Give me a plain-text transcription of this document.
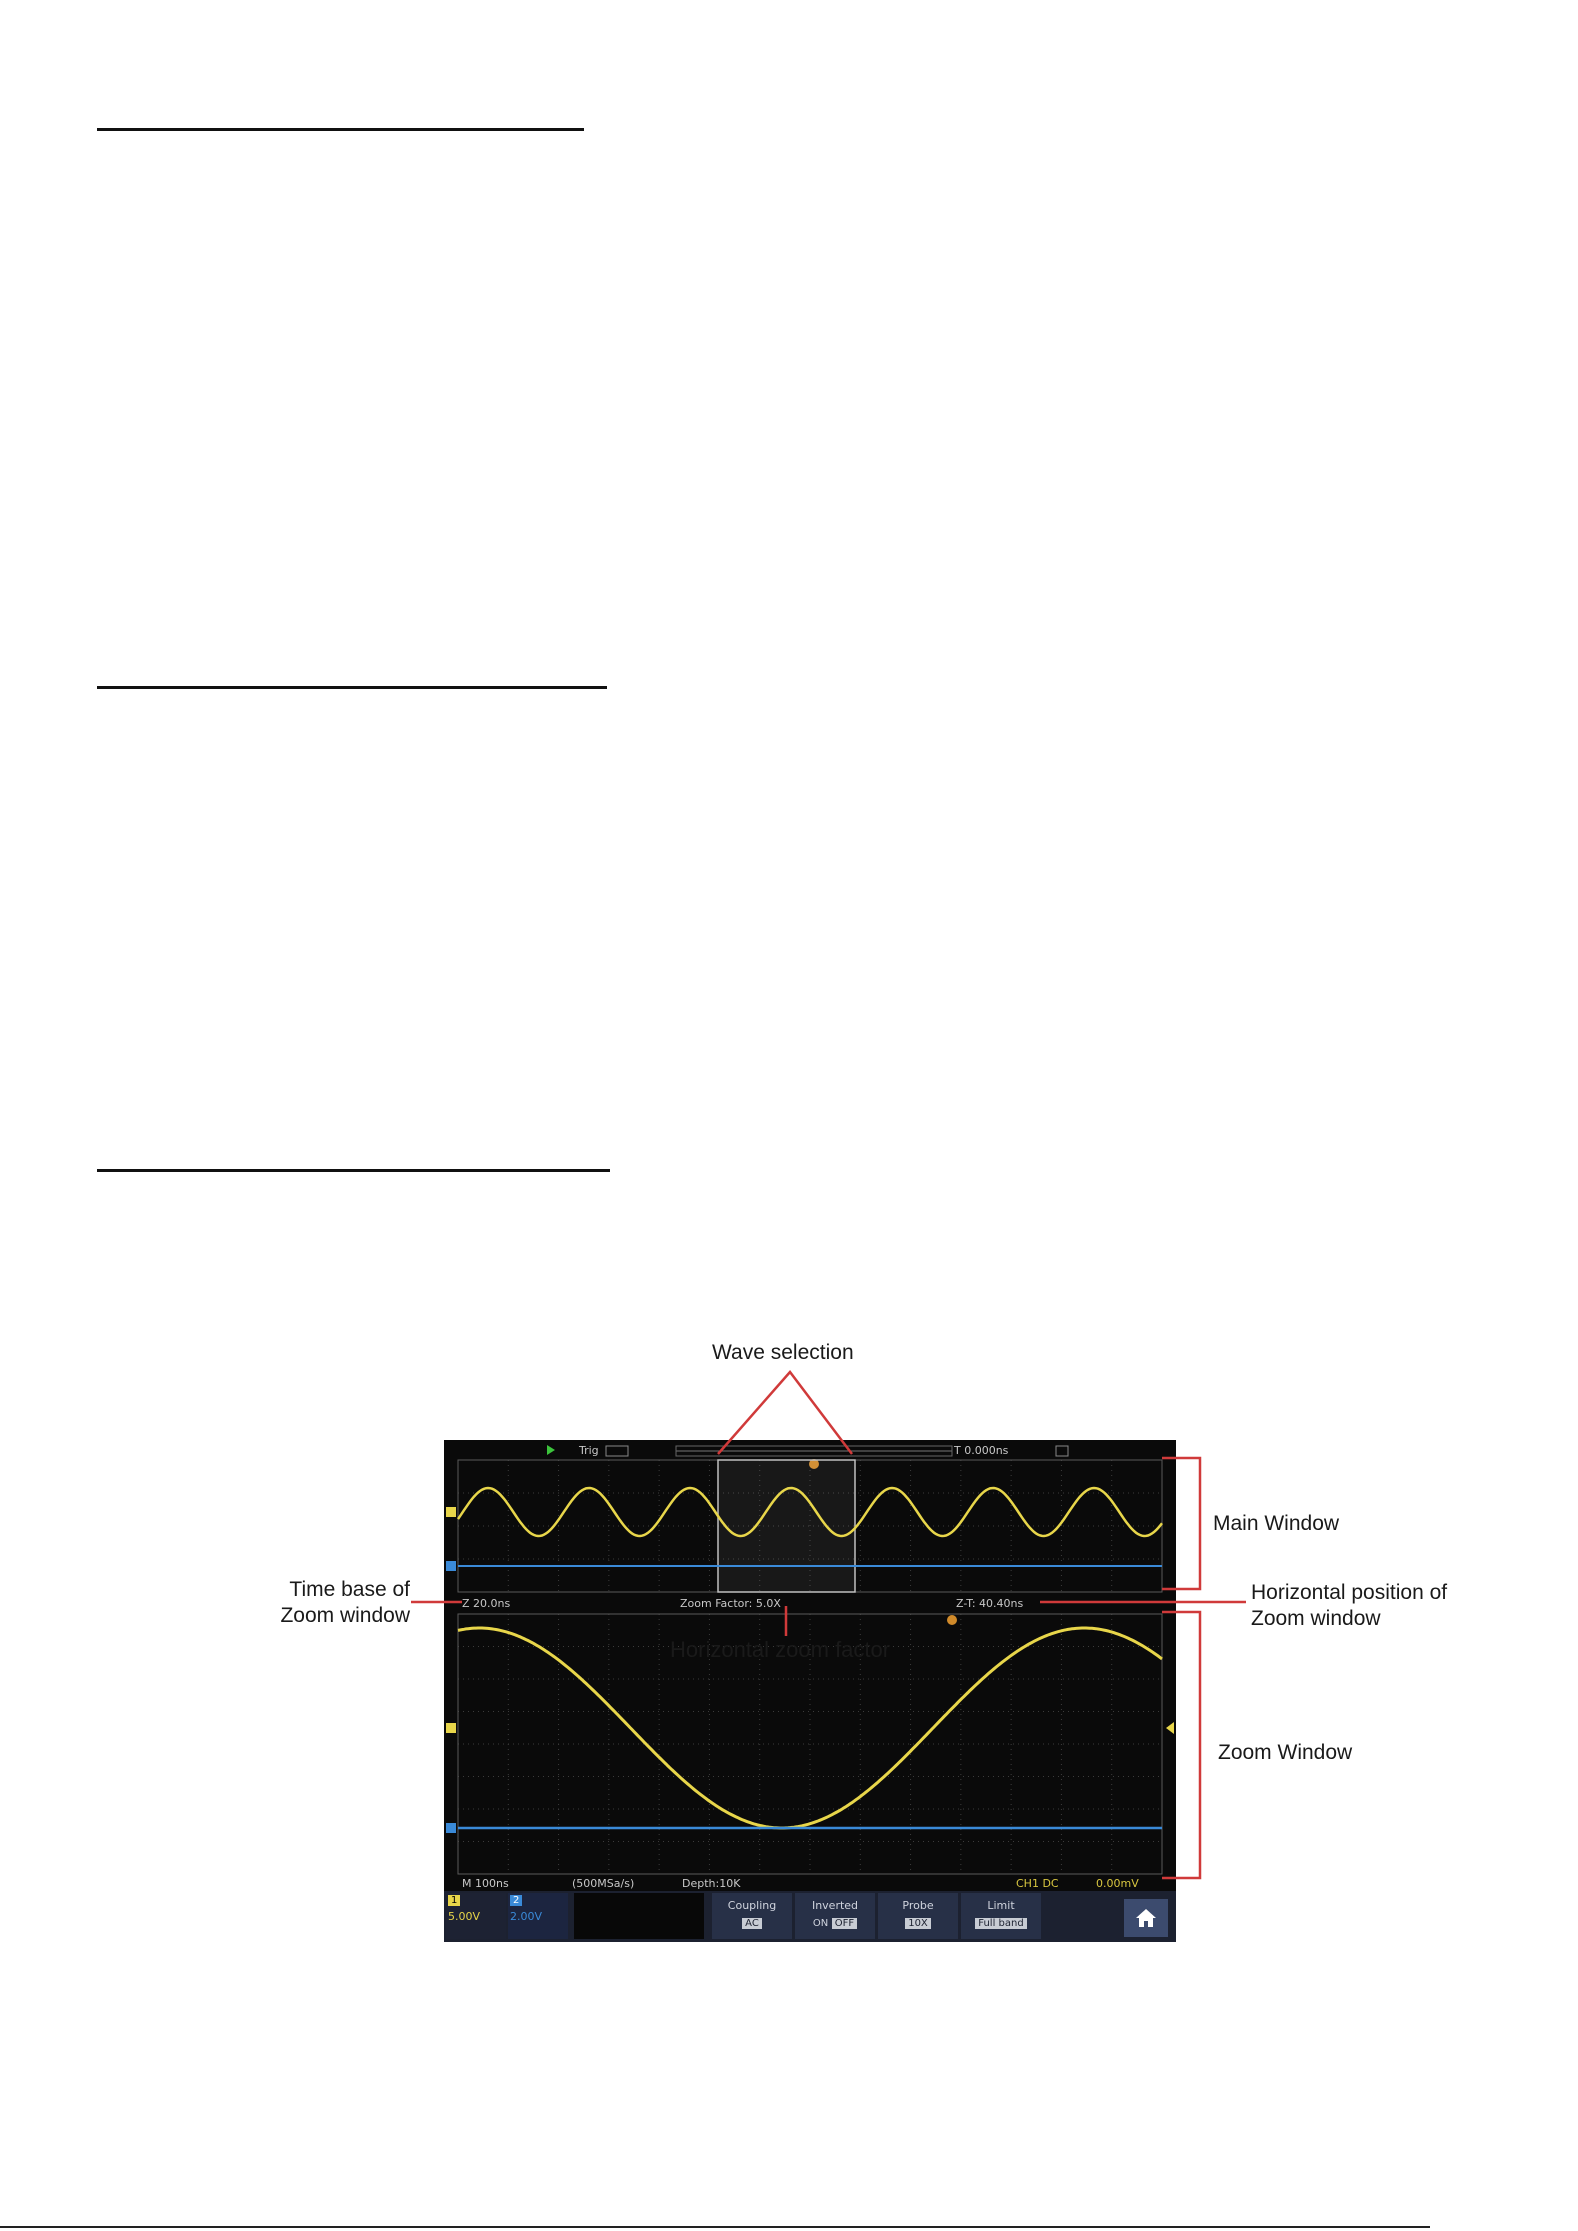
Wave selection
Main Window
Zoom Window
Time base of
Zoom window
Horizontal position of
Zoom window
Trig	T 0.000ns
Z 20.0ns	Zoom Factor: 5.0X	Z-T: 40.40ns
M 100ns	(500MSa/s)	Depth:10K	CH1 DC	0.00mV
1
5.00V
2
2.00V
Coupling
AC
Inverted
ON OFF
Probe
10X
Limit
Full band
Horizontal zoom factor
